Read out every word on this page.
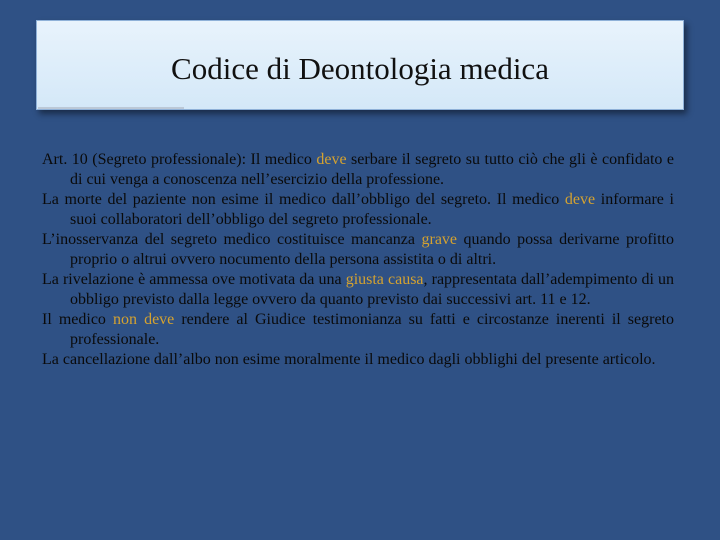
Codice di Deontologia medica

Art. 10 (Segreto professionale): Il medico deve serbare il segreto su tutto ciò che gli è confidato e di cui venga a conoscenza nell’esercizio della professione.

La morte del paziente non esime il medico dall’obbligo del segreto. Il medico deve informare i suoi collaboratori dell’obbligo del segreto professionale.

L’inosservanza del segreto medico costituisce mancanza grave quando possa derivarne profitto proprio o altrui ovvero nocumento della persona assistita o di altri.

La rivelazione è ammessa ove motivata da una giusta causa, rappresentata dall’adempimento di un obbligo previsto dalla legge ovvero da quanto previsto dai successivi art. 11 e 12.

Il medico non deve rendere al Giudice testimonianza su fatti e circostanze inerenti il segreto professionale.

La cancellazione dall’albo non esime moralmente il medico dagli obblighi del presente articolo.
